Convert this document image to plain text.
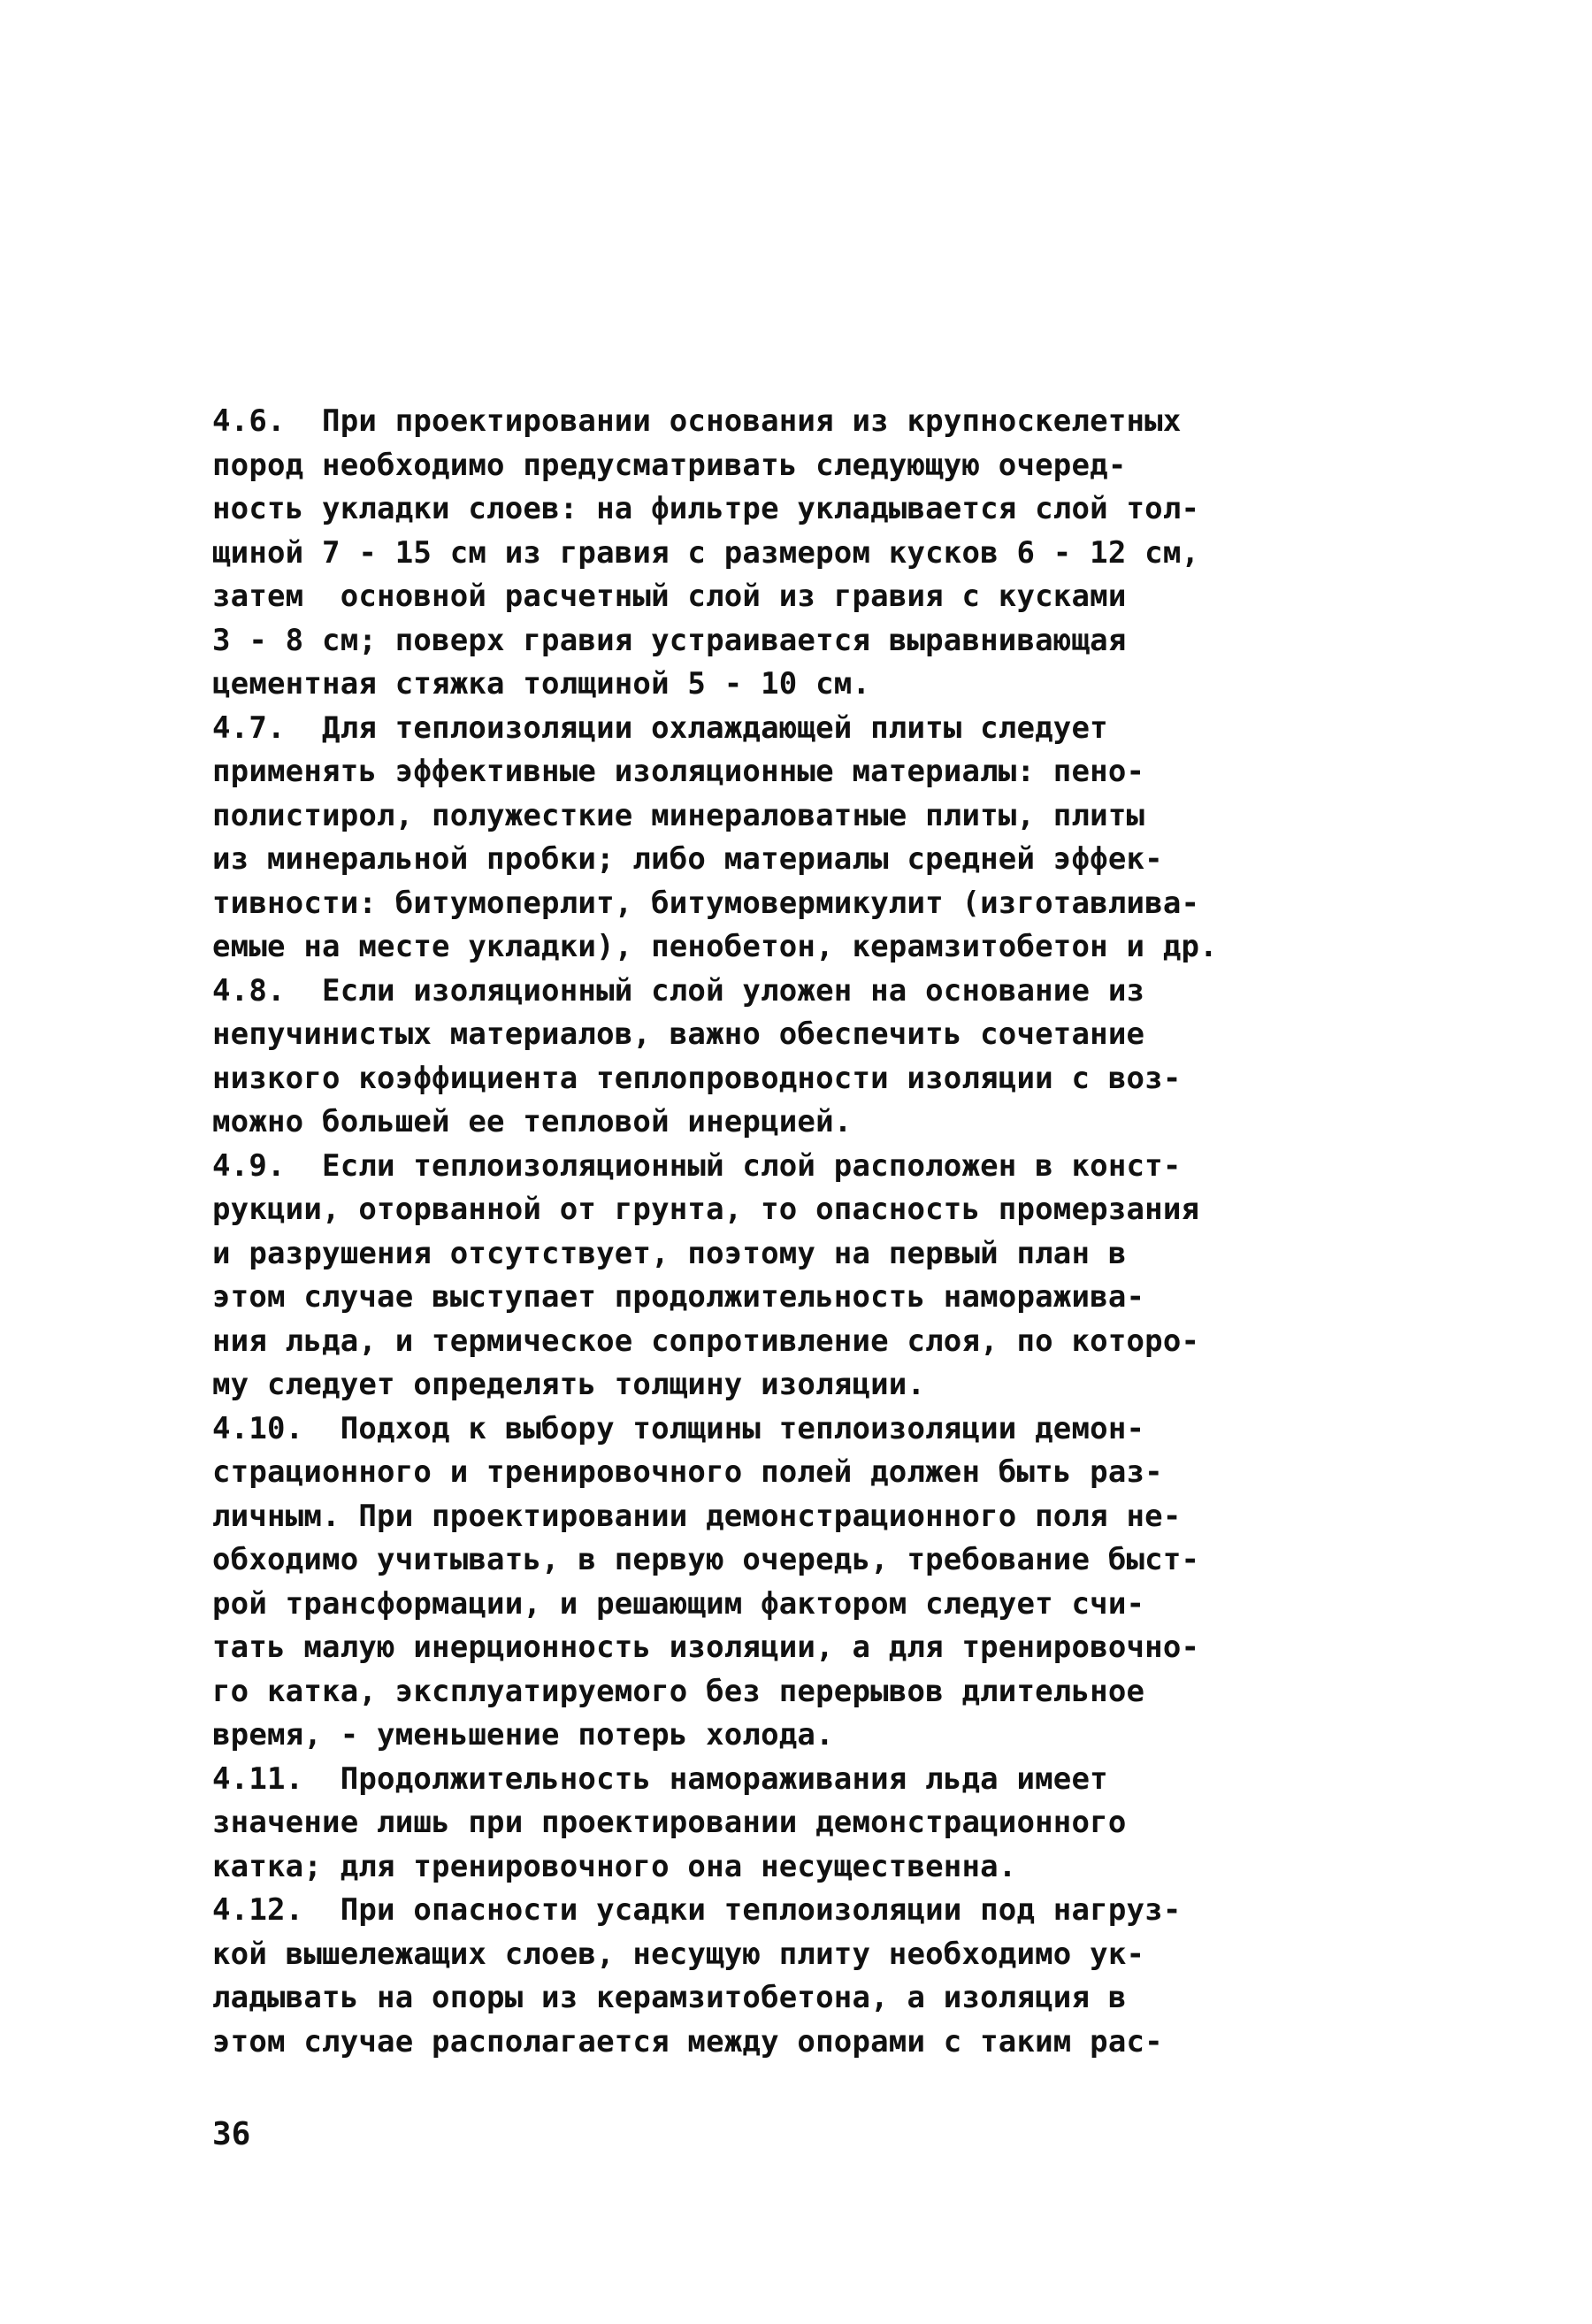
4.6.  При проектировании основания из крупноскелетных
пород необходимо предусматривать следующую очеред-
ность укладки слоев: на фильтре укладывается слой тол-
щиной 7 - 15 см из гравия с размером кусков 6 - 12 см,
затем  основной расчетный слой из гравия с кусками
3 - 8 см; поверх гравия устраивается выравнивающая
цементная стяжка толщиной 5 - 10 см.
4.7.  Для теплоизоляции охлаждающей плиты следует
применять эффективные изоляционные материалы: пено-
полистирол, полужесткие минераловатные плиты, плиты
из минеральной пробки; либо материалы средней эффек-
тивности: битумоперлит, битумовермикулит (изготавлива-
емые на месте укладки), пенобетон, керамзитобетон и др.
4.8.  Если изоляционный слой уложен на основание из
непучинистых материалов, важно обеспечить сочетание
низкого коэффициента теплопроводности изоляции с воз-
можно большей ее тепловой инерцией.
4.9.  Если теплоизоляционный слой расположен в конст-
рукции, оторванной от грунта, то опасность промерзания
и разрушения отсутствует, поэтому на первый план в
этом случае выступает продолжительность наморажива-
ния льда, и термическое сопротивление слоя, по которо-
му следует определять толщину изоляции.
4.10.  Подход к выбору толщины теплоизоляции демон-
страционного и тренировочного полей должен быть раз-
личным. При проектировании демонстрационного поля не-
обходимо учитывать, в первую очередь, требование быст-
рой трансформации, и решающим фактором следует счи-
тать малую инерционность изоляции, а для тренировочно-
го катка, эксплуатируемого без перерывов длительное
время, - уменьшение потерь холода.
4.11.  Продолжительность намораживания льда имеет
значение лишь при проектировании демонстрационного
катка; для тренировочного она несущественна.
4.12.  При опасности усадки теплоизоляции под нагруз-
кой вышележащих слоев, несущую плиту необходимо ук-
ладывать на опоры из керамзитобетона, а изоляция в
этом случае располагается между опорами с таким рас-
36
